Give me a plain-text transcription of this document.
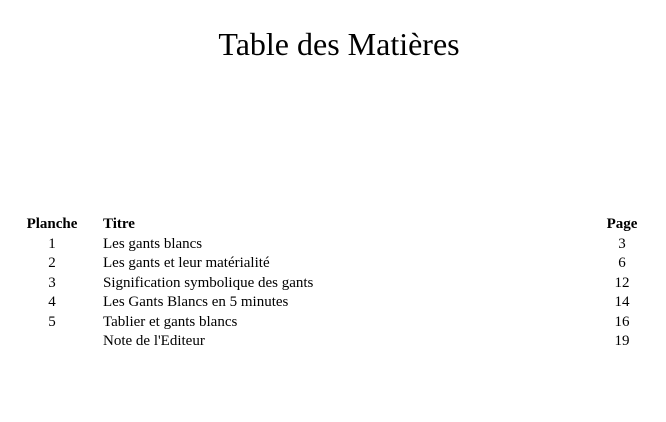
Table des Matières
Planche	Titre	Page
1	Les gants blancs	3
2	Les gants et leur matérialité	6
3	Signification symbolique des gants	12
4	Les Gants Blancs en 5 minutes	14
5	Tablier et gants blancs	16
	Note de l'Editeur	19
